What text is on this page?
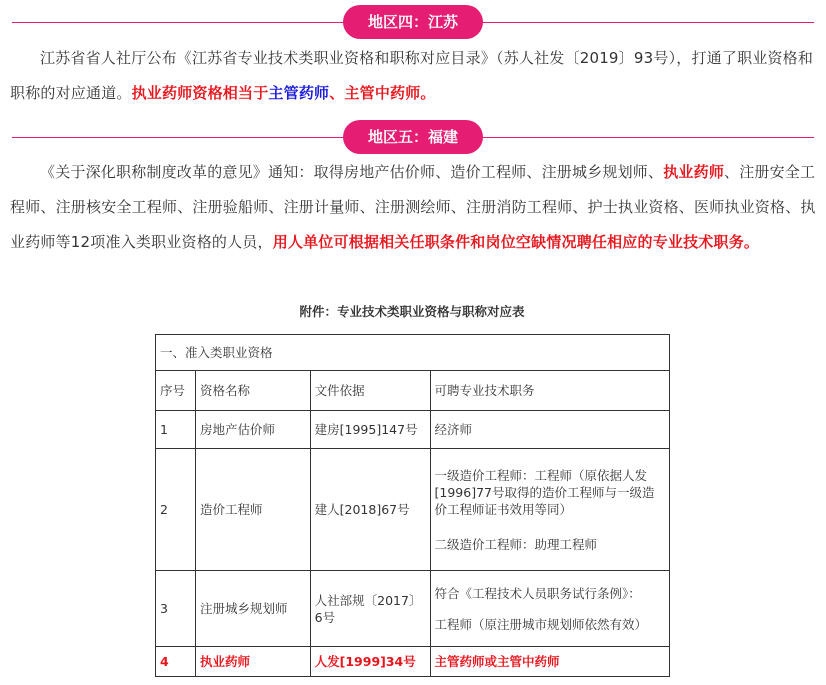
地区四：江苏

江苏省省人社厅公布《江苏省专业技术类职业资格和职称对应目录》（苏人社发〔2019〕93号），打通了职业资格和职称的对应通道。执业药师资格相当于主管药师、主管中药师。

地区五：福建

《关于深化职称制度改革的意见》通知：取得房地产估价师、造价工程师、注册城乡规划师、执业药师、注册安全工程师、注册核安全工程师、注册验船师、注册计量师、注册测绘师、注册消防工程师、护士执业资格、医师执业资格、执业药师等12项准入类职业资格的人员，用人单位可根据相关任职条件和岗位空缺情况聘任相应的专业技术职务。

附件：专业技术类职业资格与职称对应表
一、准入类职业资格			
序号	资格名称	文件依据	可聘专业技术职务
1	房地产估价师	建房[1995]147号	经济师
2	造价工程师	建人[2018]67号	一级造价工程师：工程师（原依据人发[1996]77号取得的造价工程师与一级造价工程师证书效用等同）
二级造价工程师：助理工程师

3	注册城乡规划师	人社部规〔2017〕6号	符合《工程技术人员职务试行条例》：
工程师（原注册城市规划师依然有效）

4	执业药师	人发[1999]34号	主管药师或主管中药师
